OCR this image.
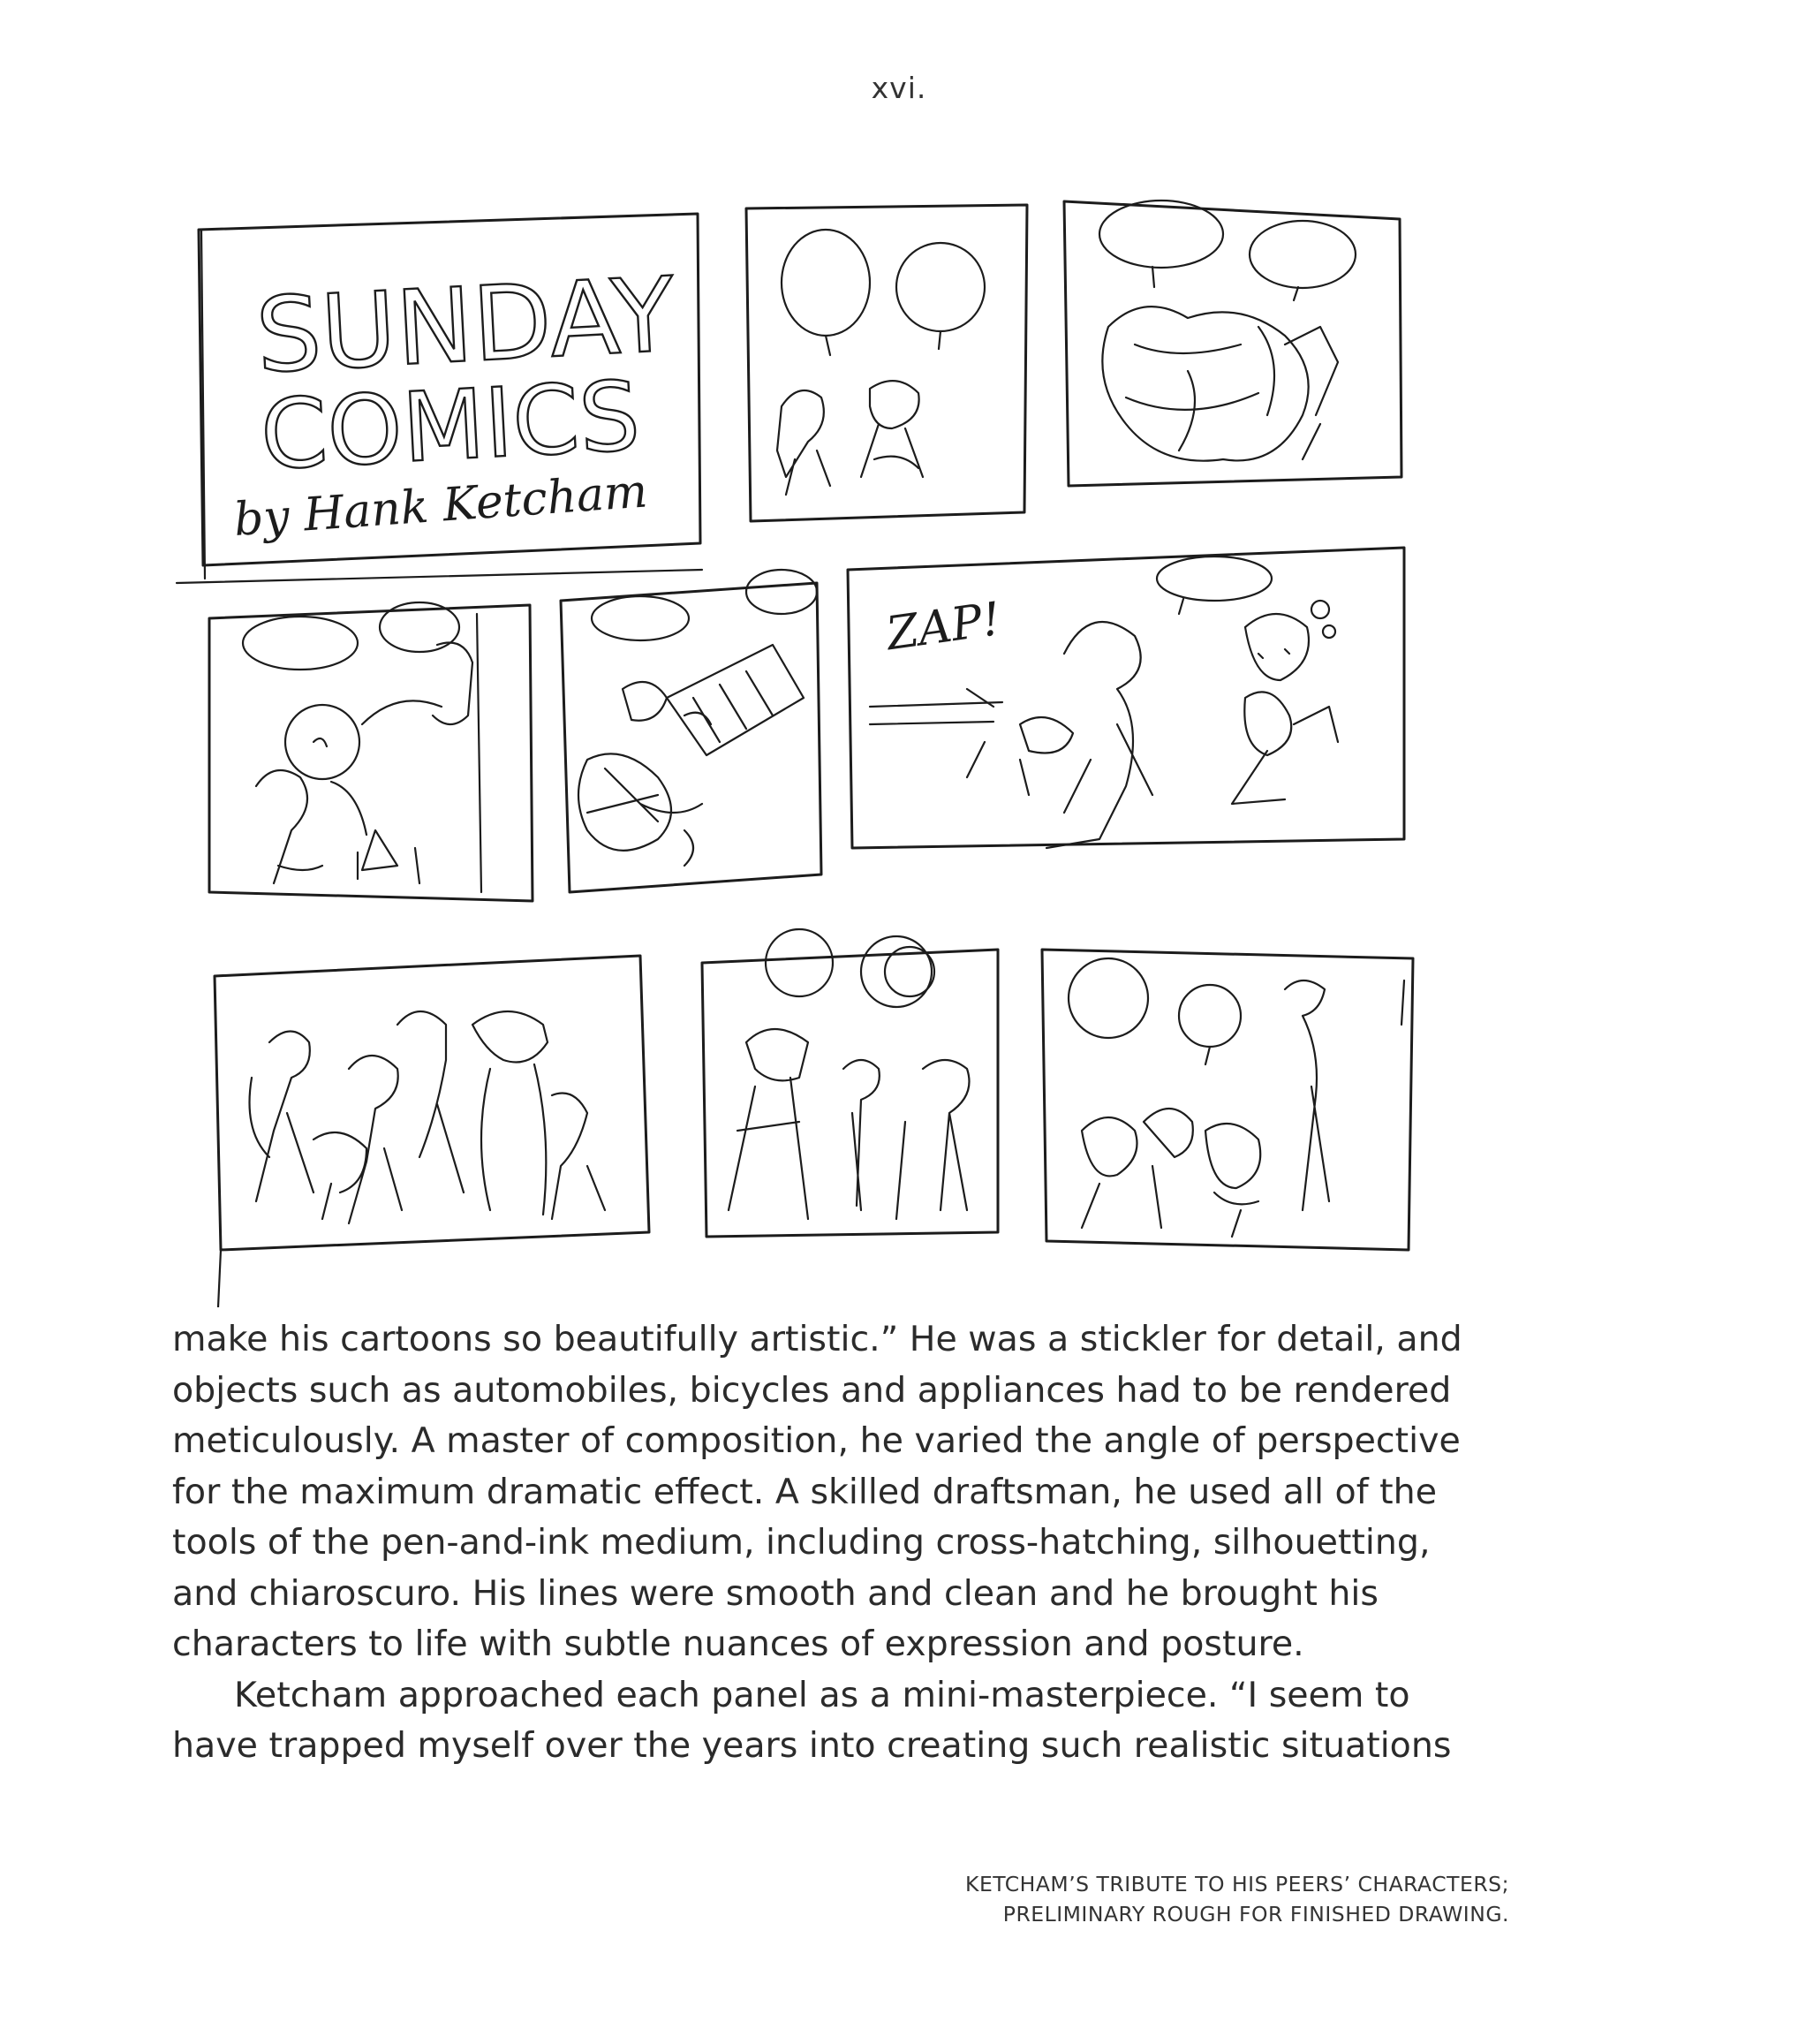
xvi.
SUNDAY
COMICS
by Hank Ketcham
ZAP!

make his cartoons so beautifully artistic.” He was a stickler for detail, and

objects such as automobiles, bicycles and appliances had to be rendered

meticulously. A master of composition, he varied the angle of perspective

for the maximum dramatic effect. A skilled draftsman, he used all of the

tools of the pen-and-ink medium, including cross-hatching, silhouetting,

and chiaroscuro. His lines were smooth and clean and he brought his

characters to life with subtle nuances of expression and posture.

Ketcham approached each panel as a mini-masterpiece. “I seem to

have trapped myself over the years into creating such realistic situations

KETCHAM’S TRIBUTE TO HIS PEERS’ CHARACTERS;
PRELIMINARY ROUGH FOR FINISHED DRAWING.
